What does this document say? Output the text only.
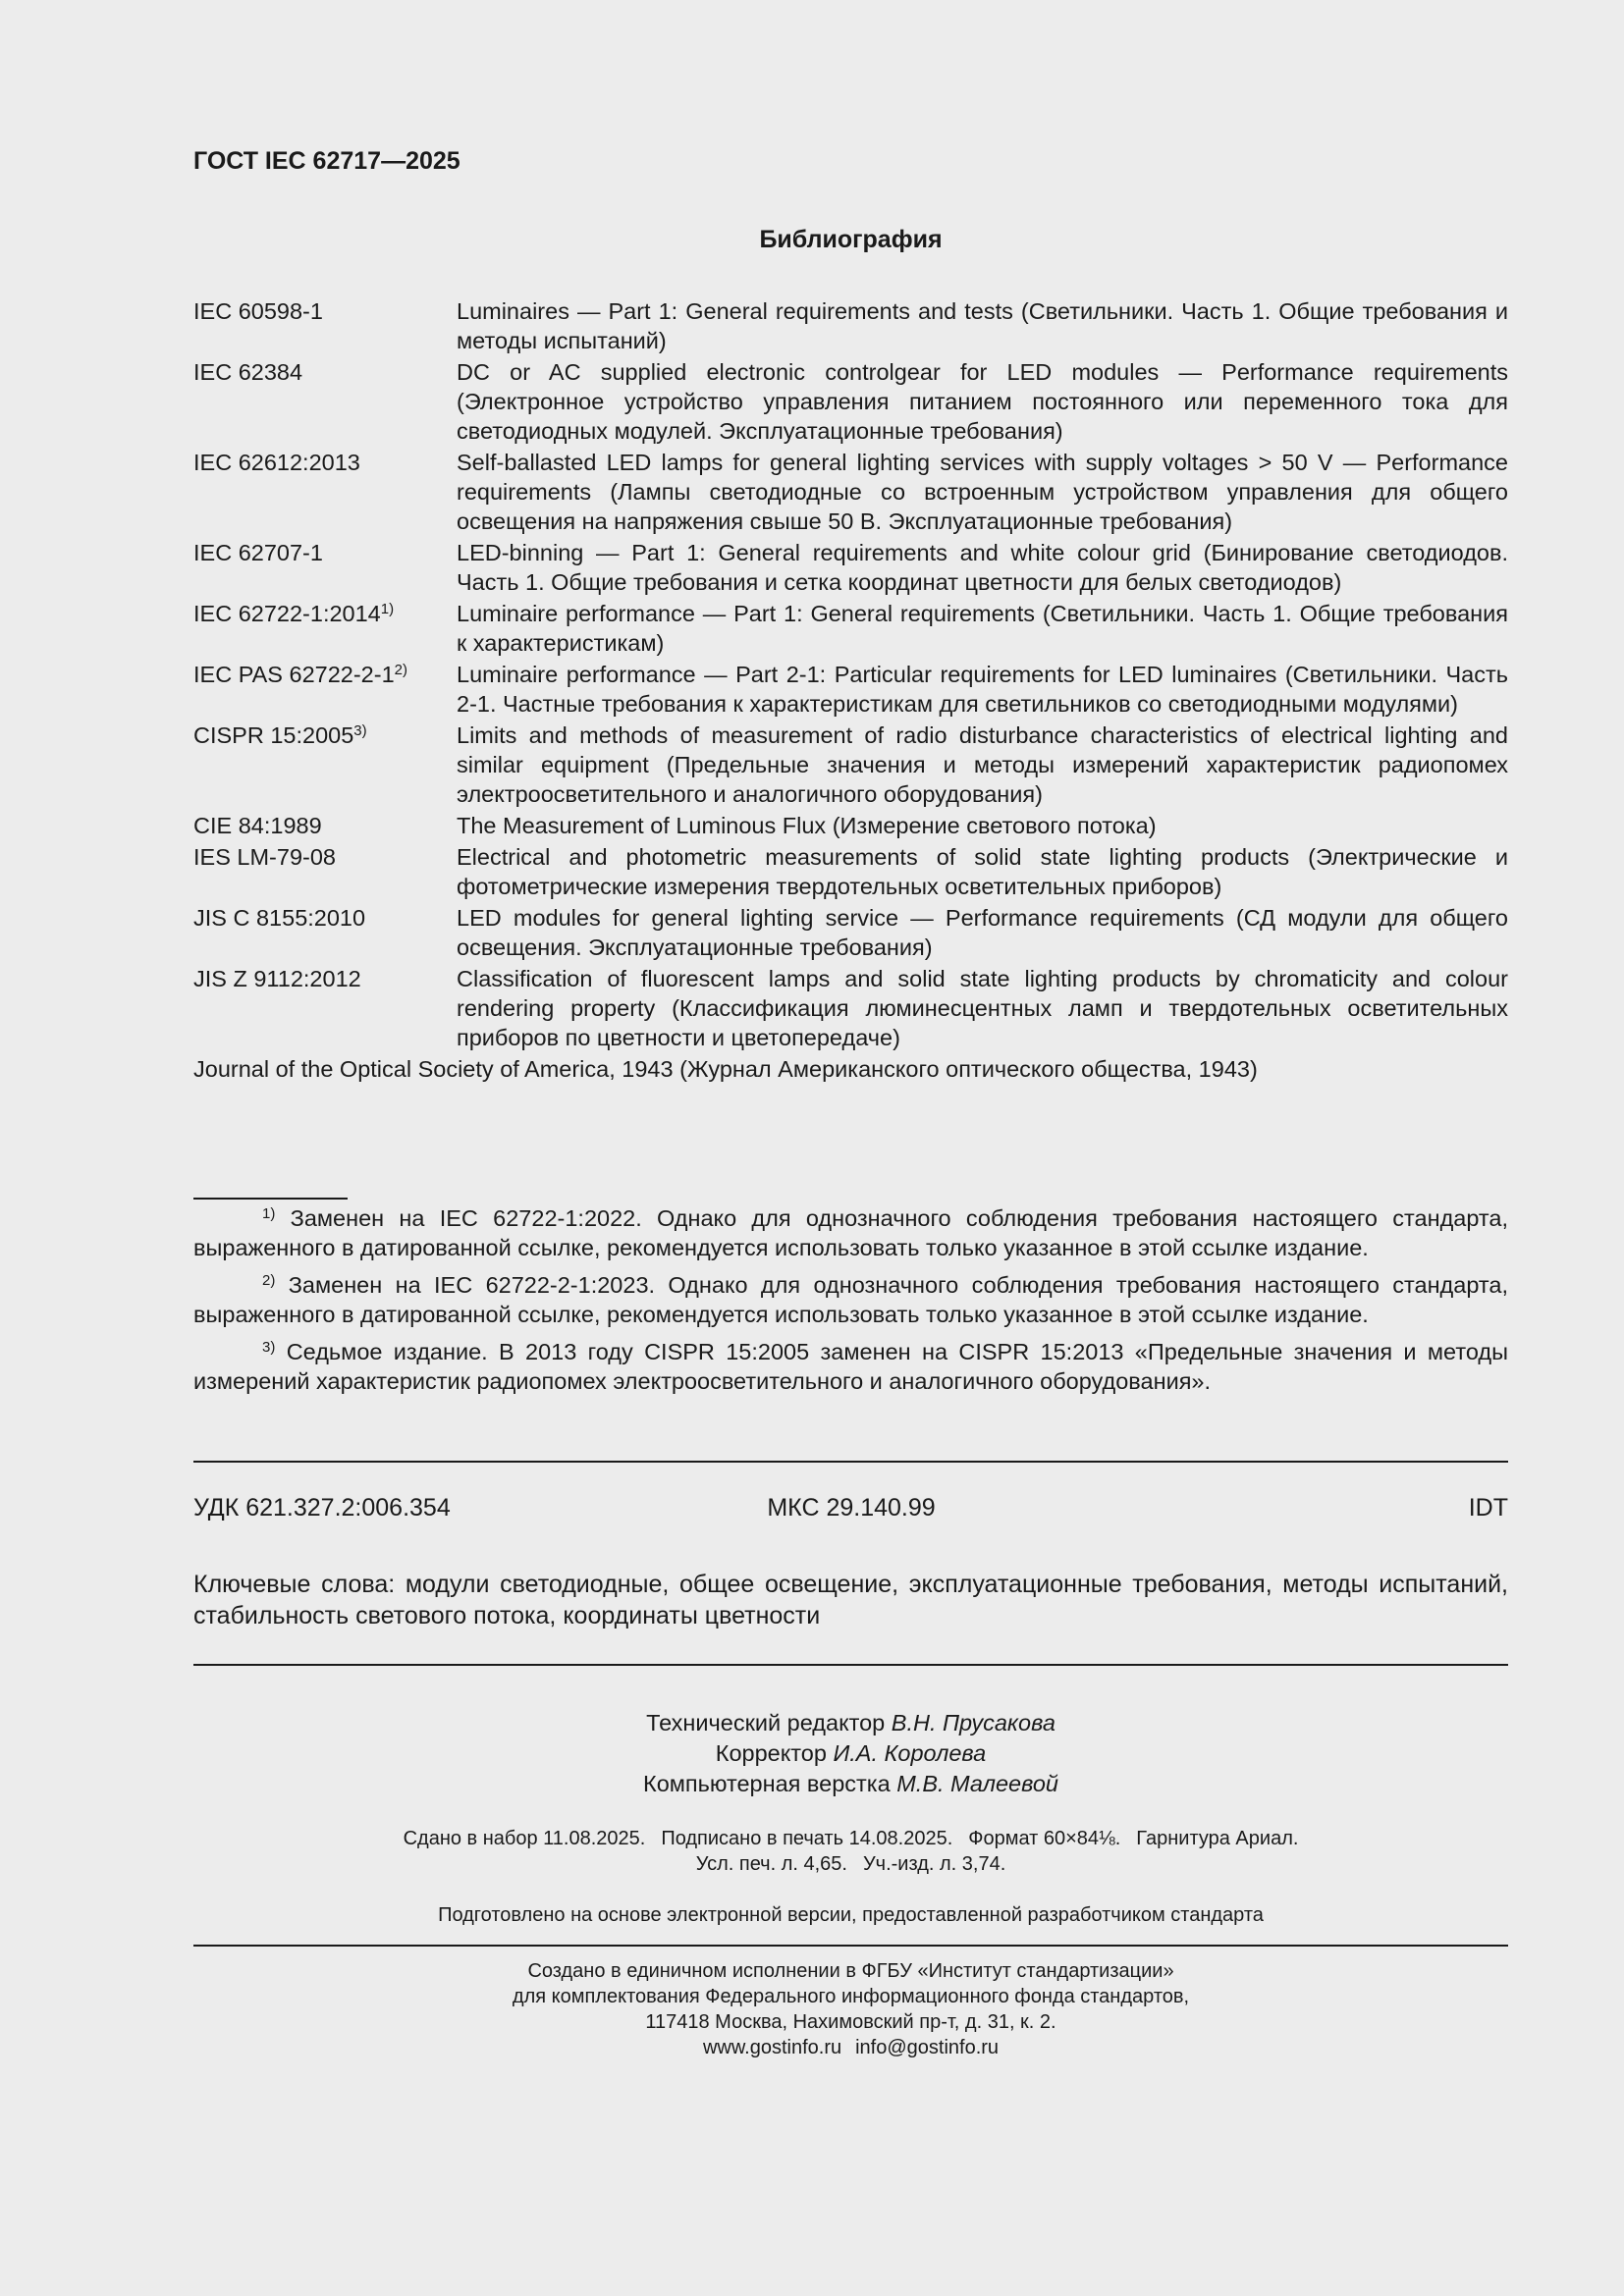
ГОСТ IEC 62717—2025
Библиография
IEC 60598-1	Luminaires — Part 1: General requirements and tests (Светильники. Часть 1. Общие требования и методы испытаний)
IEC 62384	DC or AC supplied electronic controlgear for LED modules — Performance requirements (Электронное устройство управления питанием постоянного или переменного тока для светодиодных модулей. Эксплуатационные требования)
IEC 62612:2013	Self-ballasted LED lamps for general lighting services with supply voltages > 50 V — Performance requirements (Лампы светодиодные со встроенным устройством управления для общего освещения на напряжения свыше 50 В. Эксплуатационные требования)
IEC 62707-1	LED-binning — Part 1: General requirements and white colour grid (Бинирование светодиодов. Часть 1. Общие требования и сетка координат цветности для белых светодиодов)
IEC 62722-1:2014$^{1)}$	Luminaire performance — Part 1: General requirements (Светильники. Часть 1. Общие требования к характеристикам)
IEC PAS 62722-2-1$^{2)}$	Luminaire performance — Part 2-1: Particular requirements for LED luminaires (Светильники. Часть 2-1. Частные требования к характеристикам для светильников со светодиодными модулями)
CISPR 15:2005$^{3)}$	Limits and methods of measurement of radio disturbance characteristics of electrical lighting and similar equipment (Предельные значения и методы измерений характеристик радиопомех электроосветительного и аналогичного оборудования)
CIE 84:1989	The Measurement of Luminous Flux (Измерение светового потока)
IES LM-79-08	Electrical and photometric measurements of solid state lighting products (Электрические и фотометрические измерения твердотельных осветительных приборов)
JIS C 8155:2010	LED modules for general lighting service — Performance requirements (СД модули для общего освещения. Эксплуатационные требования)
JIS Z 9112:2012	Classification of fluorescent lamps and solid state lighting products by chromaticity and colour rendering property (Классификация люминесцентных ламп и твердотельных осветительных приборов по цветности и цветопередаче)
Journal of the Optical Society of America, 1943 (Журнал Американского оптического общества, 1943)
$^{1)}$ Заменен на IEC 62722-1:2022. Однако для однозначного соблюдения требования настоящего стандарта, выраженного в датированной ссылке, рекомендуется использовать только указанное в этой ссылке издание.
$^{2)}$ Заменен на IEC 62722-2-1:2023. Однако для однозначного соблюдения требования настоящего стандарта, выраженного в датированной ссылке, рекомендуется использовать только указанное в этой ссылке издание.
$^{3)}$ Седьмое издание. В 2013 году CISPR 15:2005 заменен на CISPR 15:2013 «Предельные значения и методы измерений характеристик радиопомех электроосветительного и аналогичного оборудования».
УДК 621.327.2:006.354	МКС 29.140.99	IDT
Ключевые слова: модули светодиодные, общее освещение, эксплуатационные требования, методы испытаний, стабильность светового потока, координаты цветности
Технический редактор В.Н. Прусакова
Корректор И.А. Королева
Компьютерная верстка М.В. Малеевой
Сдано в набор 11.08.2025. Подписано в печать 14.08.2025. Формат 60×84⅛. Гарнитура Ариал.
Усл. печ. л. 4,65. Уч.-изд. л. 3,74.
Подготовлено на основе электронной версии, предоставленной разработчиком стандарта
Создано в единичном исполнении в ФГБУ «Институт стандартизации»
для комплектования Федерального информационного фонда стандартов,
117418 Москва, Нахимовский пр-т, д. 31, к. 2.
www.gostinfo.ru info@gostinfo.ru
